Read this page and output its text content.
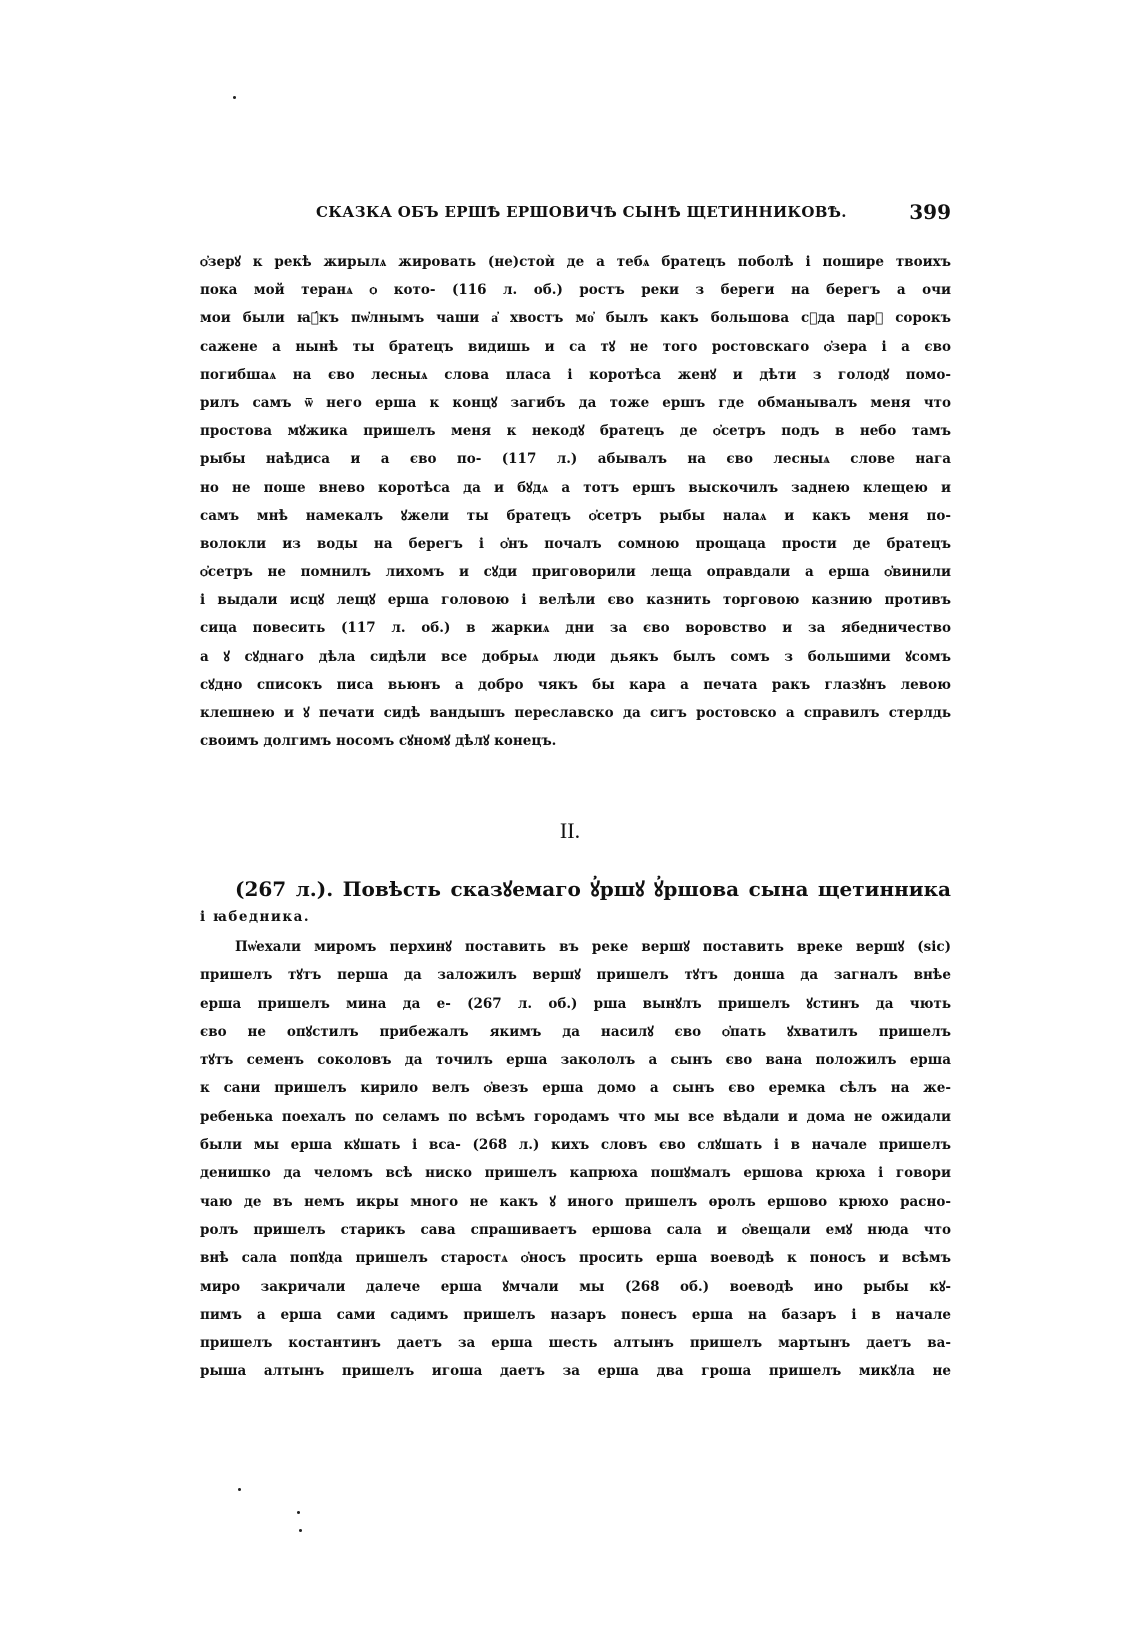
СКАЗКА ОБЪ ЕРШѢ ЕРШОВИЧѢ СЫНѢ ЩЕТИННИКОВѢ.	399
ѻ҆зерꙋ к рекѣ жирылѧ жировать (не)стоѝ де а тебѧ братецъ поболѣ і пошире твоихъ
пока мой теранѧ ѻ кото- (116 л. об.) ростъ реки з береги на берегъ а очи
мои были ꙗ҆́къ пѡ҆лнымъ чаши а҆ хвостъ мо҆ былъ какъ большова сꙋда парꙋ сорокъ
сажене а нынѣ ты братецъ видишь и са тꙋ не того ростовскаго ѻ҆зера і а єво
погибшаѧ на єво лесныѧ слова пласа і коротѣса женꙋ и дѣти з голодꙋ помо-
рилъ самъ ѿ него ерша к концꙋ загибъ да тоже ершъ где обманывалъ меня что
простова мꙋжика пришелъ меня к некодꙋ братецъ де ѻ҆сетръ подъ в небо тамъ
рыбы наѣдиса и а єво по- (117 л.) абывалъ на єво лесныѧ слове нага
но не поше внево коротѣса да и бꙋдѧ а тотъ ершъ выскочилъ заднею клещею и
самъ мнѣ намекалъ ꙋжели ты братецъ ѻ҆сетръ рыбы налаѧ и какъ меня по-
волокли из воды на берегъ і ѻ҆нъ почалъ сомною прощаца прости де братецъ
ѻ҆сетръ не помнилъ лихомъ и сꙋди приговорили леща оправдали а ерша ѻ҆винили
і выдали исцꙋ лещꙋ ерша головою і велѣли єво казнить торговою казнию противъ
сица повесить (117 л. об.) в жаркиѧ дни за єво воровство и за ябедничество
а ꙋ сꙋднаго дѣла сидѣли все добрыѧ люди дьякъ былъ сомъ з большими ꙋсомъ
сꙋдно списокъ писа вьюнъ а добро чякъ бы кара а печата ракъ глазꙋнъ левою
клешнею и ꙋ печати сидѣ вандышъ переславско да сигъ ростовско а справилъ стерлдь
своимъ долгимъ носомъ сꙋномꙋ дѣлꙋ конецъ.
II.
(267 л.). Повѣсть сказꙋемаго ꙋ҆ршꙋ ꙋ҆ршова сына щетинника
і ꙗбедника.
Пѡ҆ехали миромъ перхинꙋ поставить въ реке вершꙋ поставить вреке вершꙋ (sic)
пришелъ тꙋтъ перша да заложилъ вершꙋ пришелъ тꙋтъ донша да загналъ внѣе
ерша пришелъ мина да е- (267 л. об.) рша вынꙋлъ пришелъ ꙋстинъ да чють
єво не опꙋстилъ прибежалъ якимъ да насилꙋ єво ѻ҆пать ꙋхватилъ пришелъ
тꙋтъ семенъ соколовъ да точилъ ерша закололъ а сынъ єво вана положилъ ерша
к сани пришелъ кирило велъ ѻ҆везъ ерша домо а сынъ єво еремка сѣлъ на же-
ребенька поехалъ по селамъ по всѣмъ городамъ что мы все вѣдали и дома не ожидали
были мы ерша кꙋшать і вса- (268 л.) кихъ словъ єво слꙋшать і в начале пришелъ
денишко да челомъ всѣ ниско пришелъ капрюха пошꙋмалъ ершова крюха і говори
чаю де въ немъ икры много не какъ ꙋ иного пришелъ ѳролъ ершово крюхо расно-
ролъ пришелъ старикъ сава спрашиваетъ ершова сала и ѻ҆вещали емꙋ нюда что
внѣ сала попꙋда пришелъ старостѧ ѻ҆носъ просить ерша воеводѣ к поносъ и всѣмъ
миро закричали далече ерша ꙋмчали мы (268 об.) воеводѣ ино рыбы кꙋ-
пимъ а ерша сами садимъ пришелъ назаръ понесъ ерша на базаръ і в начале
пришелъ костантинъ даетъ за ерша шесть алтынъ пришелъ мартынъ даетъ ва-
рыша алтынъ пришелъ игоша даетъ за ерша два гроша пришелъ микꙋла не
